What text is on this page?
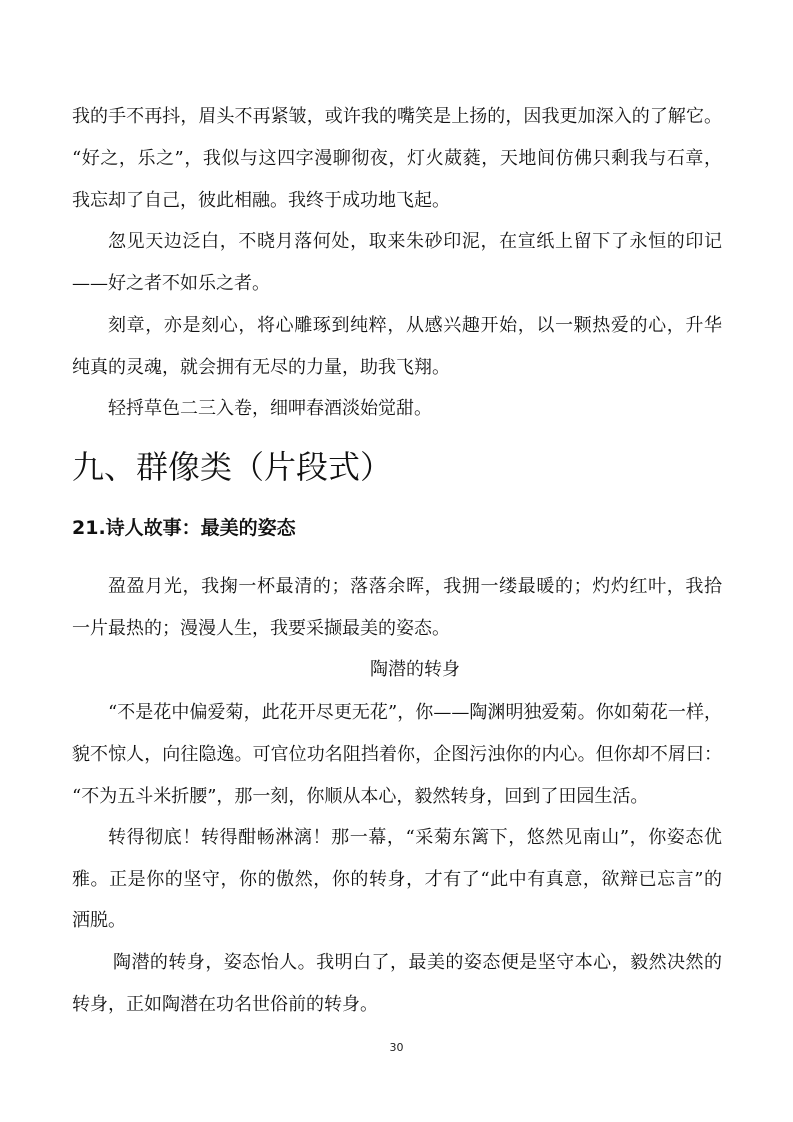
我的手不再抖，眉头不再紧皱，或许我的嘴笑是上扬的，因我更加深入的了解它。
“好之，乐之”，我似与这四字漫聊彻夜，灯火葳蕤，天地间仿佛只剩我与石章，
我忘却了自己，彼此相融。我终于成功地飞起。
忽见天边泛白，不晓月落何处，取来朱砂印泥，在宣纸上留下了永恒的印记
——好之者不如乐之者。
刻章，亦是刻心，将心雕琢到纯粹，从感兴趣开始，以一颗热爱的心，升华
纯真的灵魂，就会拥有无尽的力量，助我飞翔。
轻捋草色二三入卷，细呷春酒淡始觉甜。
九、群像类（片段式）
21.诗人故事：最美的姿态
盈盈月光，我掬一杯最清的；落落余晖，我拥一缕最暖的；灼灼红叶，我拾
一片最热的；漫漫人生，我要采撷最美的姿态。
陶潜的转身
“不是花中偏爱菊，此花开尽更无花”，你——陶渊明独爱菊。你如菊花一样，
貌不惊人，向往隐逸。可官位功名阻挡着你，企图污浊你的内心。但你却不屑曰：
“不为五斗米折腰”，那一刻，你顺从本心，毅然转身，回到了田园生活。
转得彻底！转得酣畅淋漓！那一幕，“采菊东篱下，悠然见南山”，你姿态优
雅。正是你的坚守，你的傲然，你的转身，才有了“此中有真意，欲辩已忘言”的
洒脱。
陶潜的转身，姿态怡人。我明白了，最美的姿态便是坚守本心，毅然决然的
转身，正如陶潜在功名世俗前的转身。
30
